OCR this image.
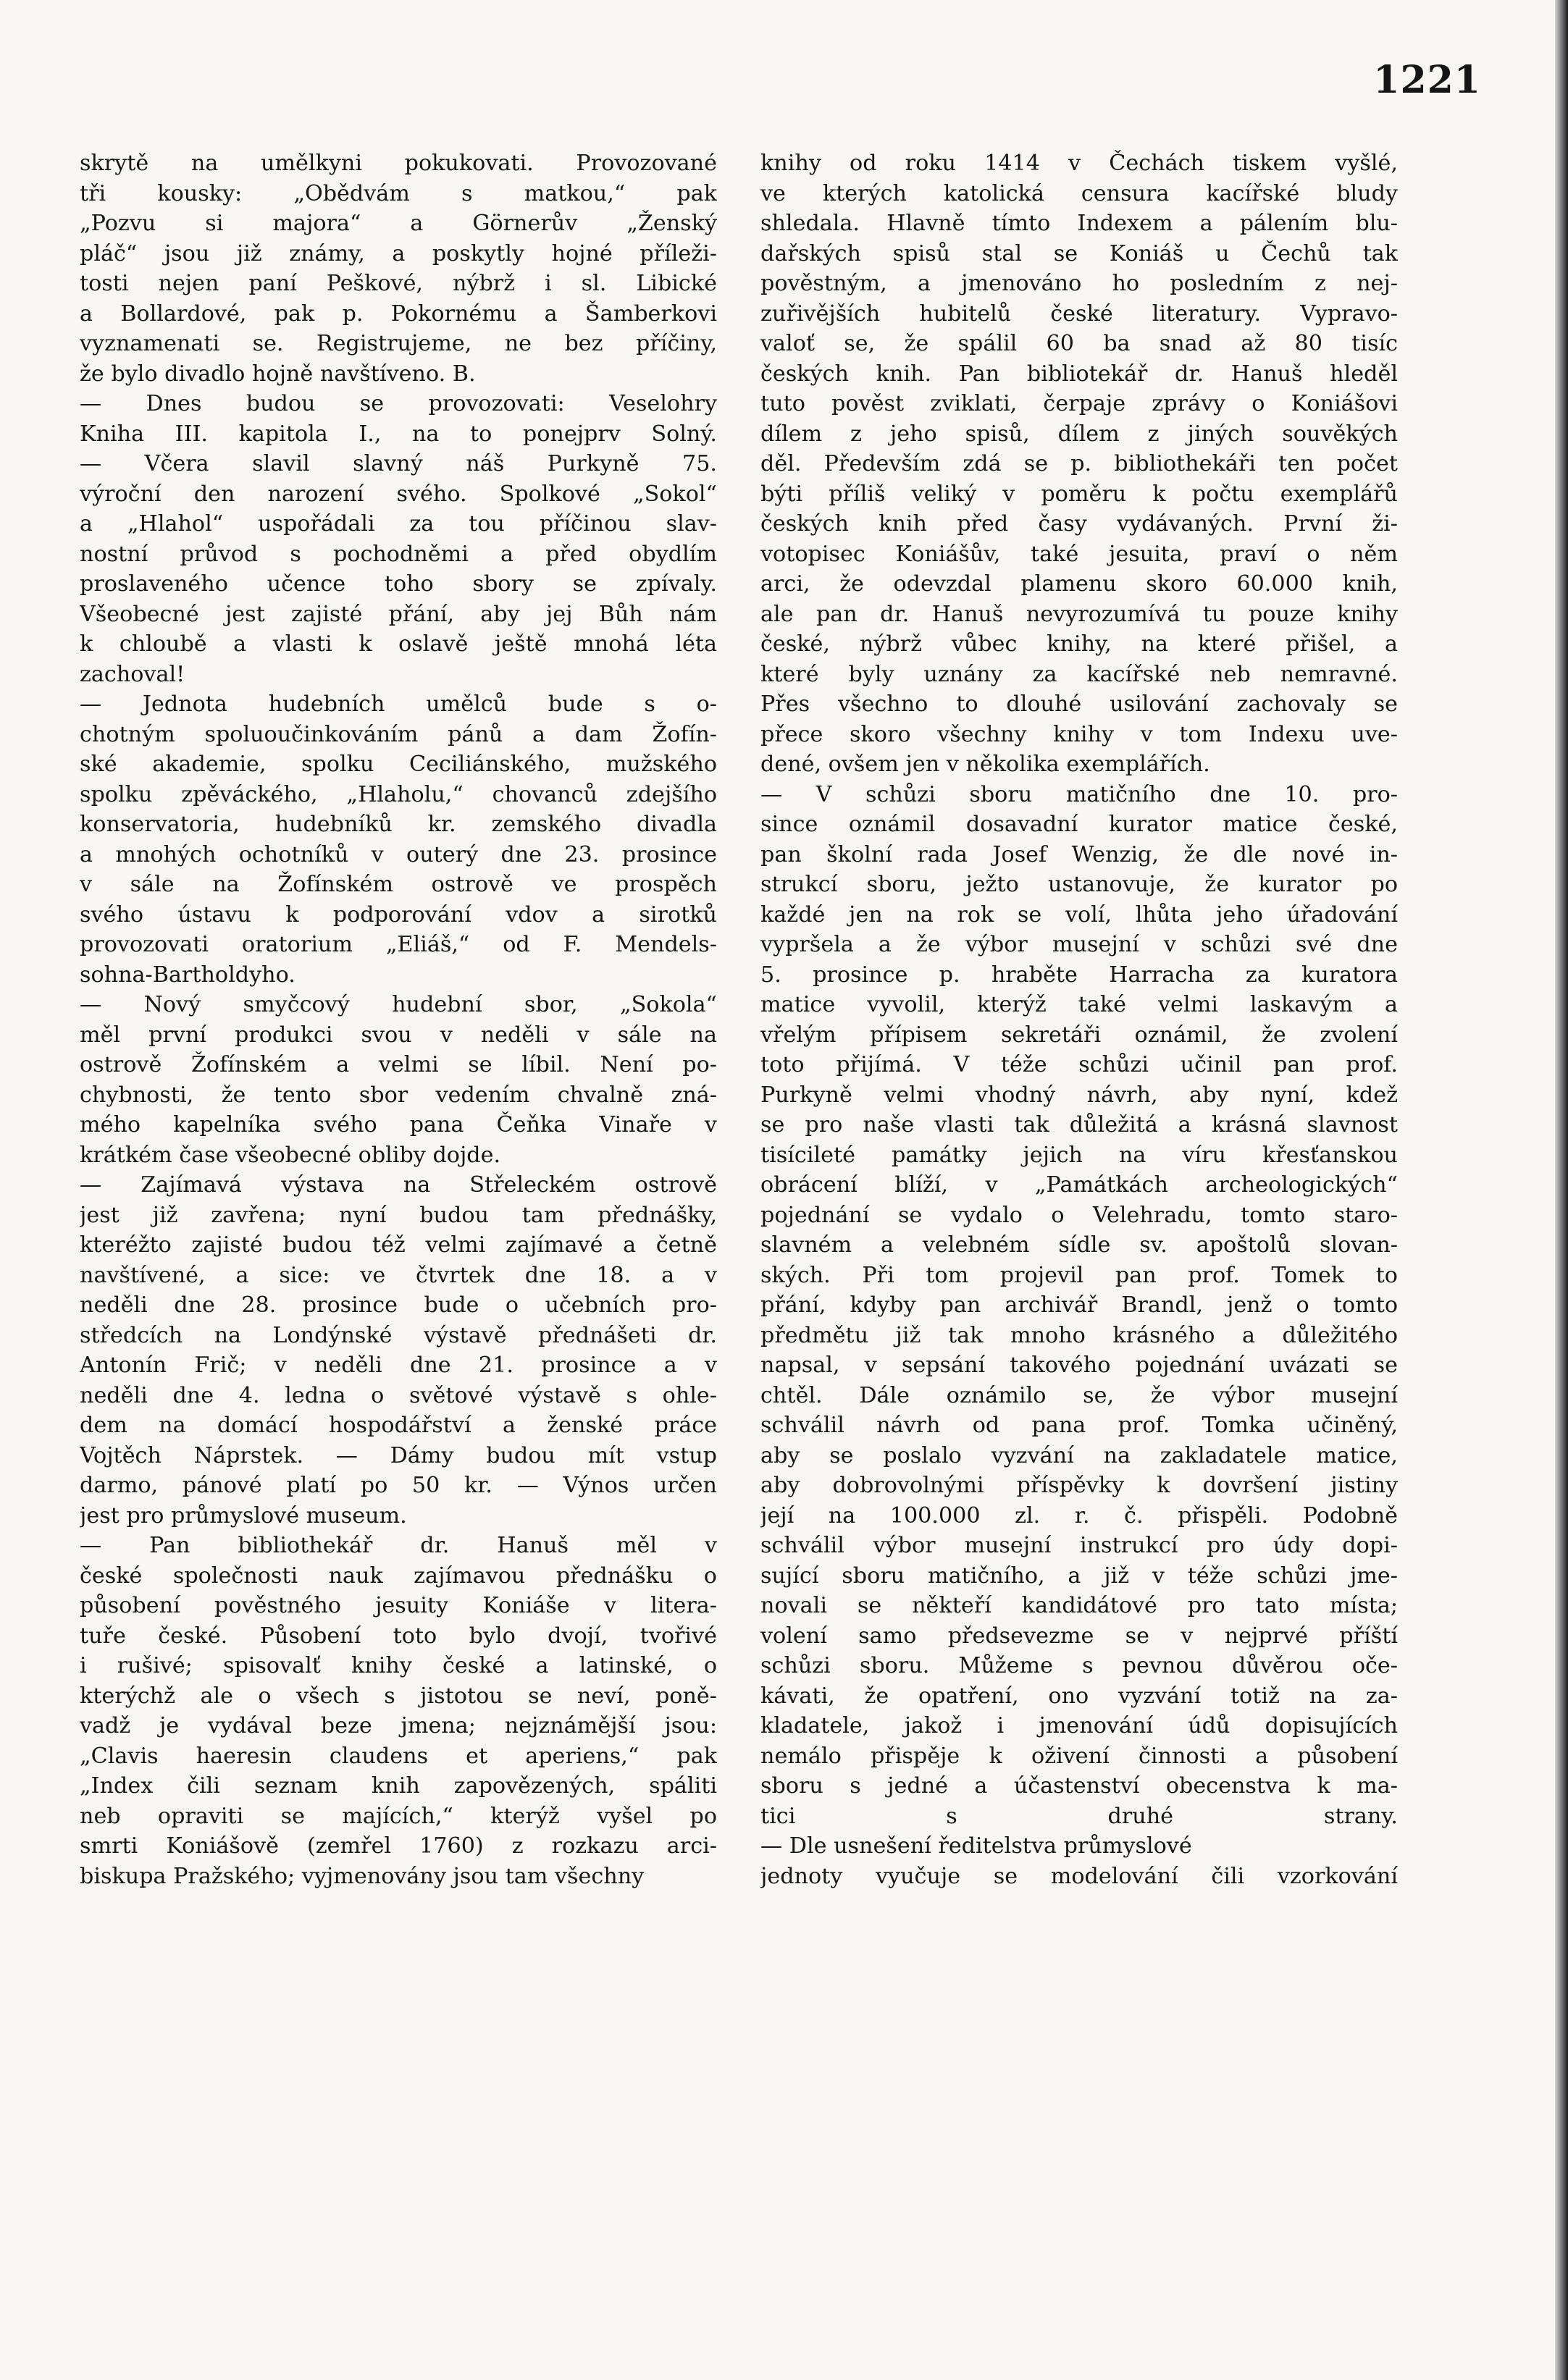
1221
skrytě na umělkyni pokukovati. Provozované
tři kousky: „Obědvám s matkou,“ pak
„Pozvu si majora“ a Görnerův „Ženský
pláč“ jsou již známy, a poskytly hojné příleži-
tosti nejen paní Peškové, nýbrž i sl. Libické
a Bollardové, pak p. Pokornému a Šamberkovi
vyznamenati se. Registrujeme, ne bez příčiny,
že bylo divadlo hojně navštíveno. B.
— Dnes budou se provozovati: Veselohry
Kniha III. kapitola I., na to ponejprv Solný.
— Včera slavil slavný náš Purkyně 75.
výroční den narození svého. Spolkové „Sokol“
a „Hlahol“ uspořádali za tou příčinou slav-
nostní průvod s pochodněmi a před obydlím
proslaveného učence toho sbory se zpívaly.
Všeobecné jest zajisté přání, aby jej Bůh nám
k chloubě a vlasti k oslavě ještě mnohá léta
zachoval!
— Jednota hudebních umělců bude s o-
chotným spoluoučinkováním pánů a dam Žofín-
ské akademie, spolku Ceciliánského, mužského
spolku zpěváckého, „Hlaholu,“ chovanců zdejšího
konservatoria, hudebníků kr. zemského divadla
a mnohých ochotníků v outerý dne 23. prosince
v sále na Žofínském ostrově ve prospěch
svého ústavu k podporování vdov a sirotků
provozovati oratorium „Eliáš,“ od F. Mendels-
sohna-Bartholdyho.
— Nový smyčcový hudební sbor, „Sokola“
měl první produkci svou v neděli v sále na
ostrově Žofínském a velmi se líbil. Není po-
chybnosti, že tento sbor vedením chvalně zná-
mého kapelníka svého pana Čeňka Vinaře v
krátkém čase všeobecné obliby dojde.
— Zajímavá výstava na Střeleckém ostrově
jest již zavřena; nyní budou tam přednášky,
kteréžto zajisté budou též velmi zajímavé a četně
navštívené, a sice: ve čtvrtek dne 18. a v
neděli dne 28. prosince bude o učebních pro-
středcích na Londýnské výstavě přednášeti dr.
Antonín Frič; v neděli dne 21. prosince a v
neděli dne 4. ledna o světové výstavě s ohle-
dem na domácí hospodářství a ženské práce
Vojtěch Náprstek. — Dámy budou mít vstup
darmo, pánové platí po 50 kr. — Výnos určen
jest pro průmyslové museum.
— Pan bibliothekář dr. Hanuš měl v
české společnosti nauk zajímavou přednášku o
působení pověstného jesuity Koniáše v litera-
tuře české. Působení toto bylo dvojí, tvořivé
i rušivé; spisovalť knihy české a latinské, o
kterýchž ale o všech s jistotou se neví, poně-
vadž je vydával beze jmena; nejznámější jsou:
„Clavis haeresin claudens et aperiens,“ pak
„Index čili seznam knih zapovězených, spáliti
neb opraviti se majících,“ kterýž vyšel po
smrti Koniášově (zemřel 1760) z rozkazu arci-
biskupa Pražského; vyjmenovány jsou tam všechny
knihy od roku 1414 v Čechách tiskem vyšlé,
ve kterých katolická censura kacířské bludy
shledala. Hlavně tímto Indexem a pálením blu-
dařských spisů stal se Koniáš u Čechů tak
pověstným, a jmenováno ho posledním z nej-
zuřivějších hubitelů české literatury. Vypravo-
valoť se, že spálil 60 ba snad až 80 tisíc
českých knih. Pan bibliotekář dr. Hanuš hleděl
tuto pověst zviklati, čerpaje zprávy o Koniášovi
dílem z jeho spisů, dílem z jiných souvěkých
děl. Především zdá se p. bibliothekáři ten počet
býti příliš veliký v poměru k počtu exemplářů
českých knih před časy vydávaných. První ži-
votopisec Koniášův, také jesuita, praví o něm
arci, že odevzdal plamenu skoro 60.000 knih,
ale pan dr. Hanuš nevyrozumívá tu pouze knihy
české, nýbrž vůbec knihy, na které přišel, a
které byly uznány za kacířské neb nemravné.
Přes všechno to dlouhé usilování zachovaly se
přece skoro všechny knihy v tom Indexu uve-
dené, ovšem jen v několika exemplářích.
— V schůzi sboru matičního dne 10. pro-
since oznámil dosavadní kurator matice české,
pan školní rada Josef Wenzig, že dle nové in-
strukcí sboru, ježto ustanovuje, že kurator po
každé jen na rok se volí, lhůta jeho úřadování
vypršela a že výbor musejní v schůzi své dne
5. prosince p. hraběte Harracha za kuratora
matice vyvolil, kterýž také velmi laskavým a
vřelým přípisem sekretáři oznámil, že zvolení
toto přijímá. V téže schůzi učinil pan prof.
Purkyně velmi vhodný návrh, aby nyní, kdež
se pro naše vlasti tak důležitá a krásná slavnost
tisícileté památky jejich na víru křesťanskou
obrácení blíží, v „Památkách archeologických“
pojednání se vydalo o Velehradu, tomto staro-
slavném a velebném sídle sv. apoštolů slovan-
ských. Při tom projevil pan prof. Tomek to
přání, kdyby pan archivář Brandl, jenž o tomto
předmětu již tak mnoho krásného a důležitého
napsal, v sepsání takového pojednání uvázati se
chtěl. Dále oznámilo se, že výbor musejní
schválil návrh od pana prof. Tomka učiněný,
aby se poslalo vyzvání na zakladatele matice,
aby dobrovolnými příspěvky k dovršení jistiny
její na 100.000 zl. r. č. přispěli. Podobně
schválil výbor musejní instrukcí pro údy dopi-
sující sboru matičního, a již v téže schůzi jme-
novali se někteří kandidátové pro tato místa;
volení samo předsevezme se v nejprvé příští
schůzi sboru. Můžeme s pevnou důvěrou oče-
kávati, že opatření, ono vyzvání totiž na za-
kladatele, jakož i jmenování údů dopisujících
nemálo přispěje k oživení činnosti a působení
sboru s jedné a účastenství obecenstva k ma-
tici s druhé strany.
— Dle usnešení ředitelstva průmyslové
jednoty vyučuje se modelování čili vzorkování
